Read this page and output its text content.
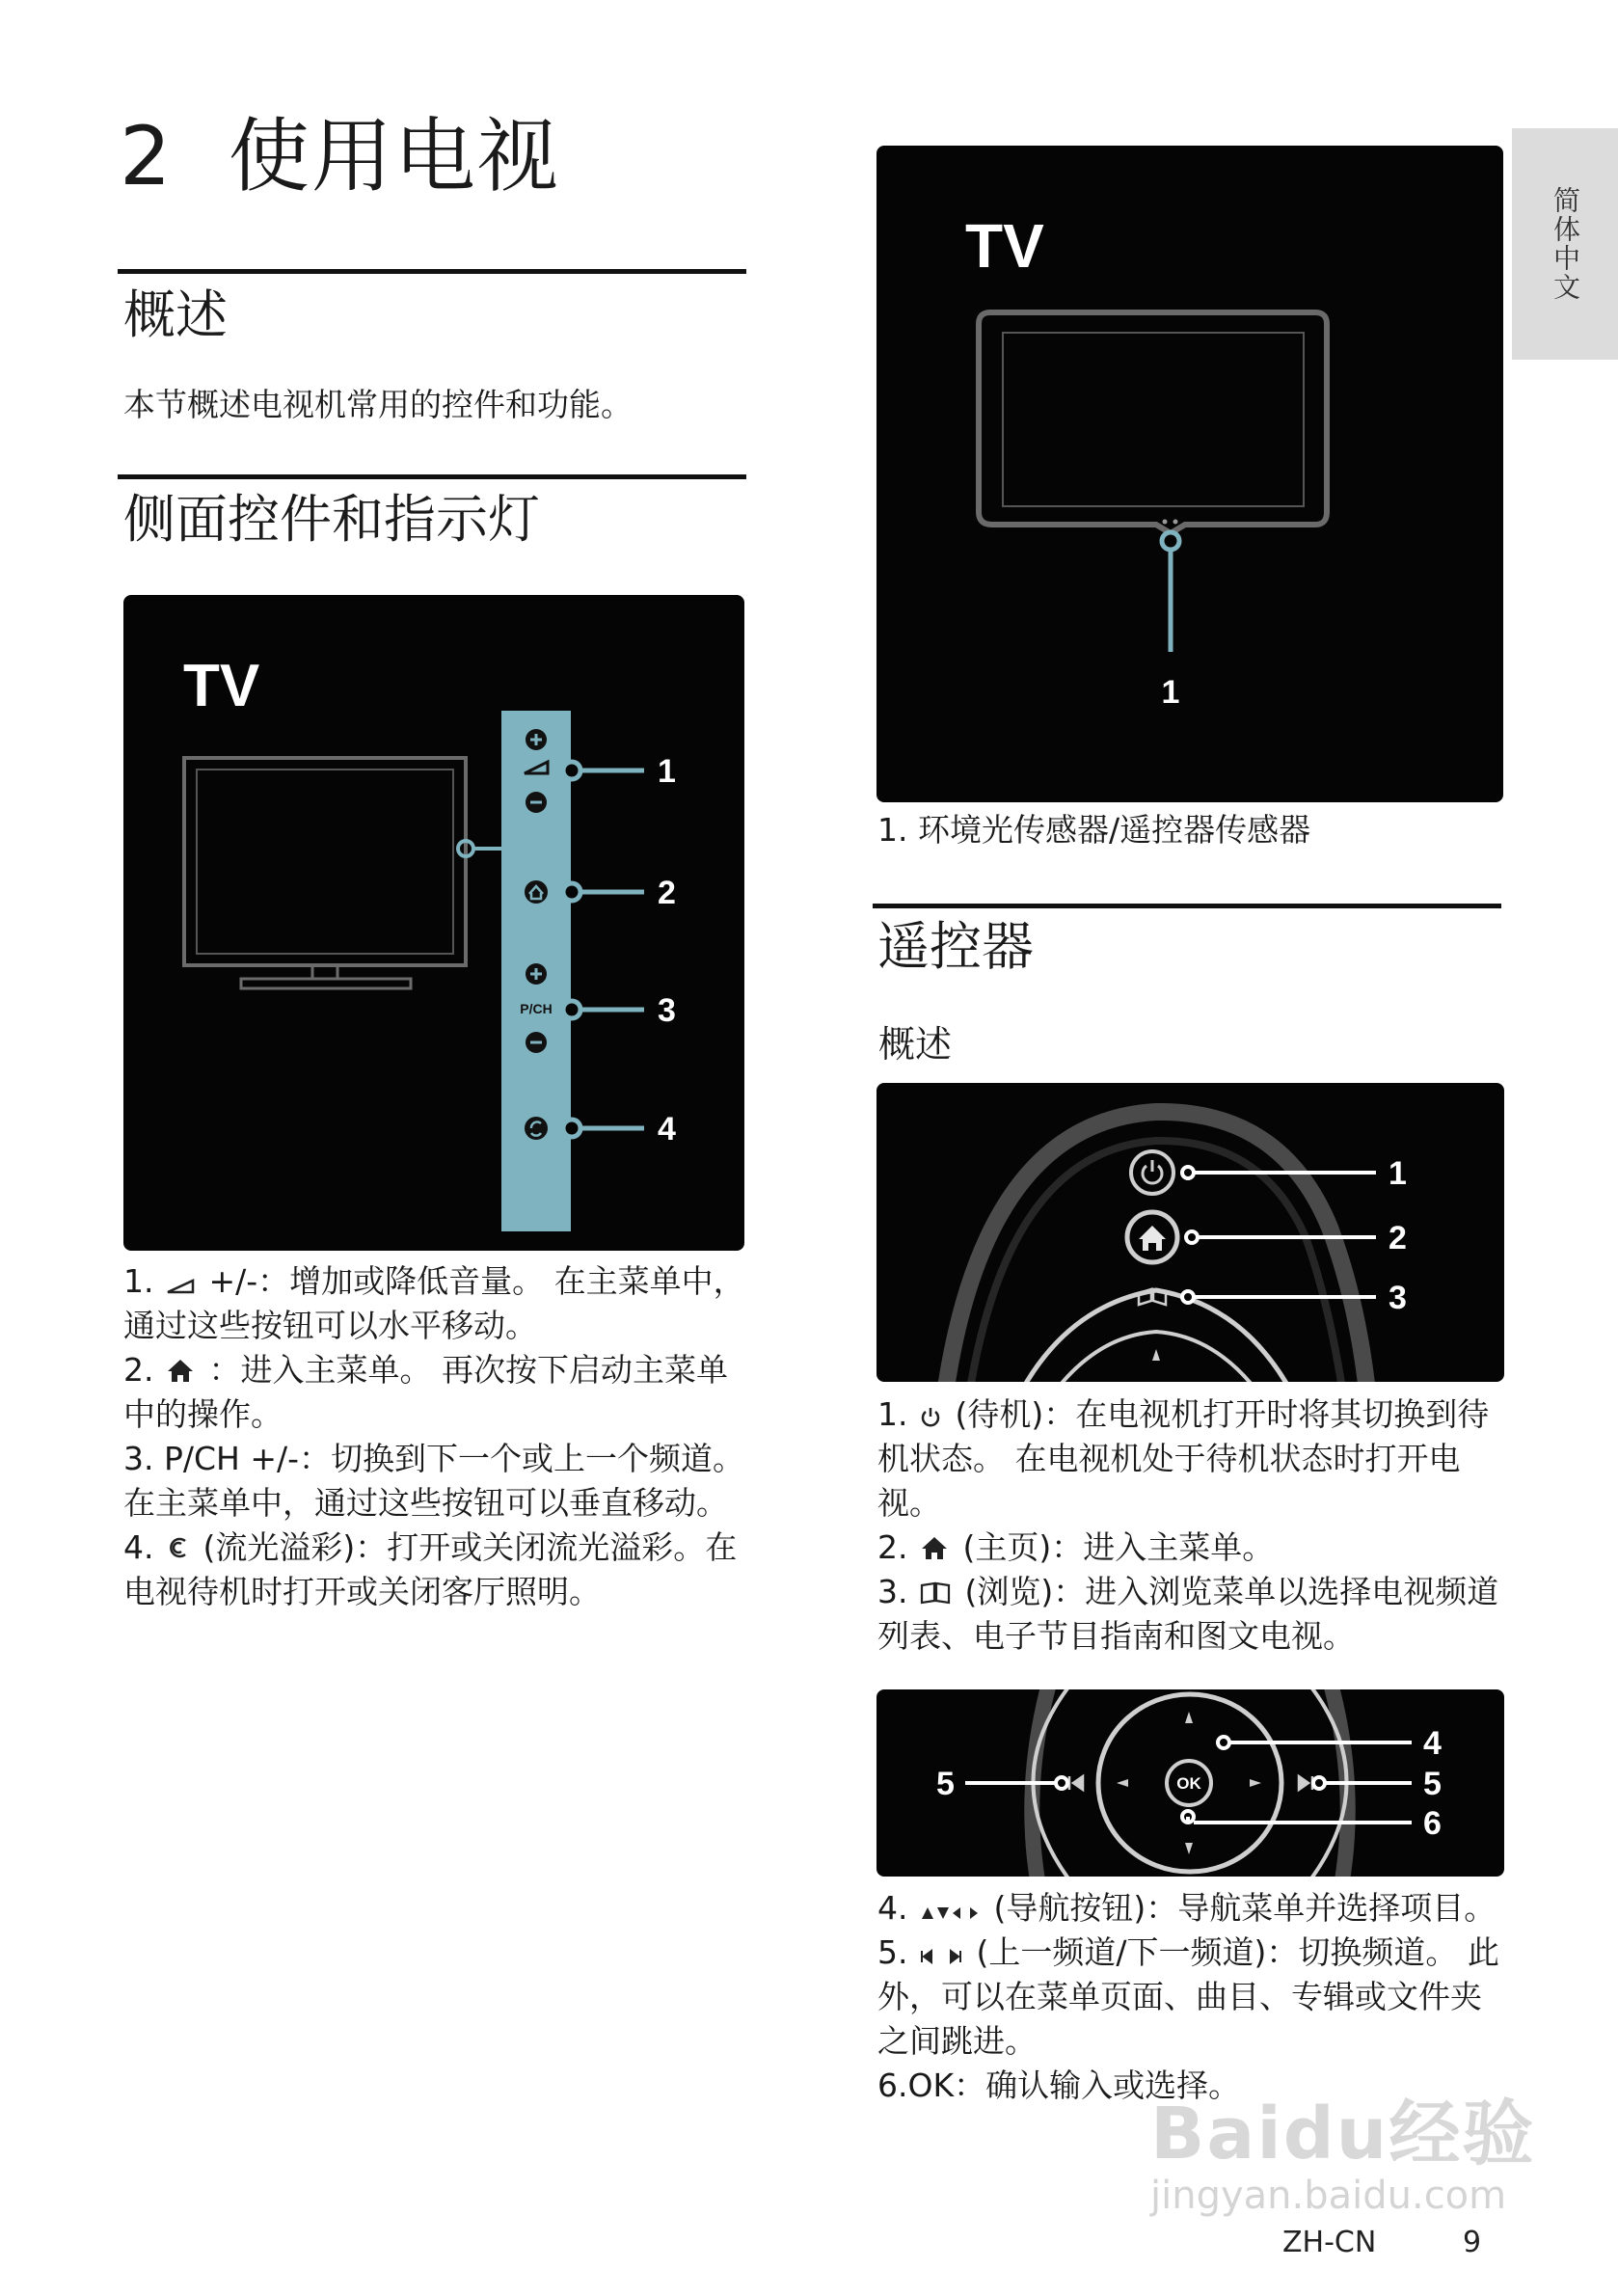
2 使用电视
简体中文
概述

本节概述电视机常用的控件和功能。

侧面控件和指示灯
TV
P/CH
1
2
3
4
1. +/-：增加或降低音量。 在主菜单中，通过这些按钮可以水平移动。
2. ：进入主菜单。 再次按下启动主菜单中的操作。
3. P/CH +/-：切换到下一个或上一个频道。在主菜单中，通过这些按钮可以垂直移动。
4. (流光溢彩)：打开或关闭流光溢彩。在电视待机时打开或关闭客厅照明。
TV
1

1. 环境光传感器/遥控器传感器

遥控器
概述
1
2
3
1. (待机)：在电视机打开时将其切换到待机状态。 在电视机处于待机状态时打开电视。
2. (主页)：进入主菜单。
3. (浏览)：进入浏览菜单以选择电视频道列表、电子节目指南和图文电视。
OK
4
5
6
5
4.	(导航按钮)：导航菜单并选择项目。
5. (上一频道/下一频道)：切换频道。 此外，可以在菜单页面、曲目、专辑或文件夹之间跳进。
6.OK：确认输入或选择。
Baidu经验
jingyan.baidu.com
ZH-CN	9
